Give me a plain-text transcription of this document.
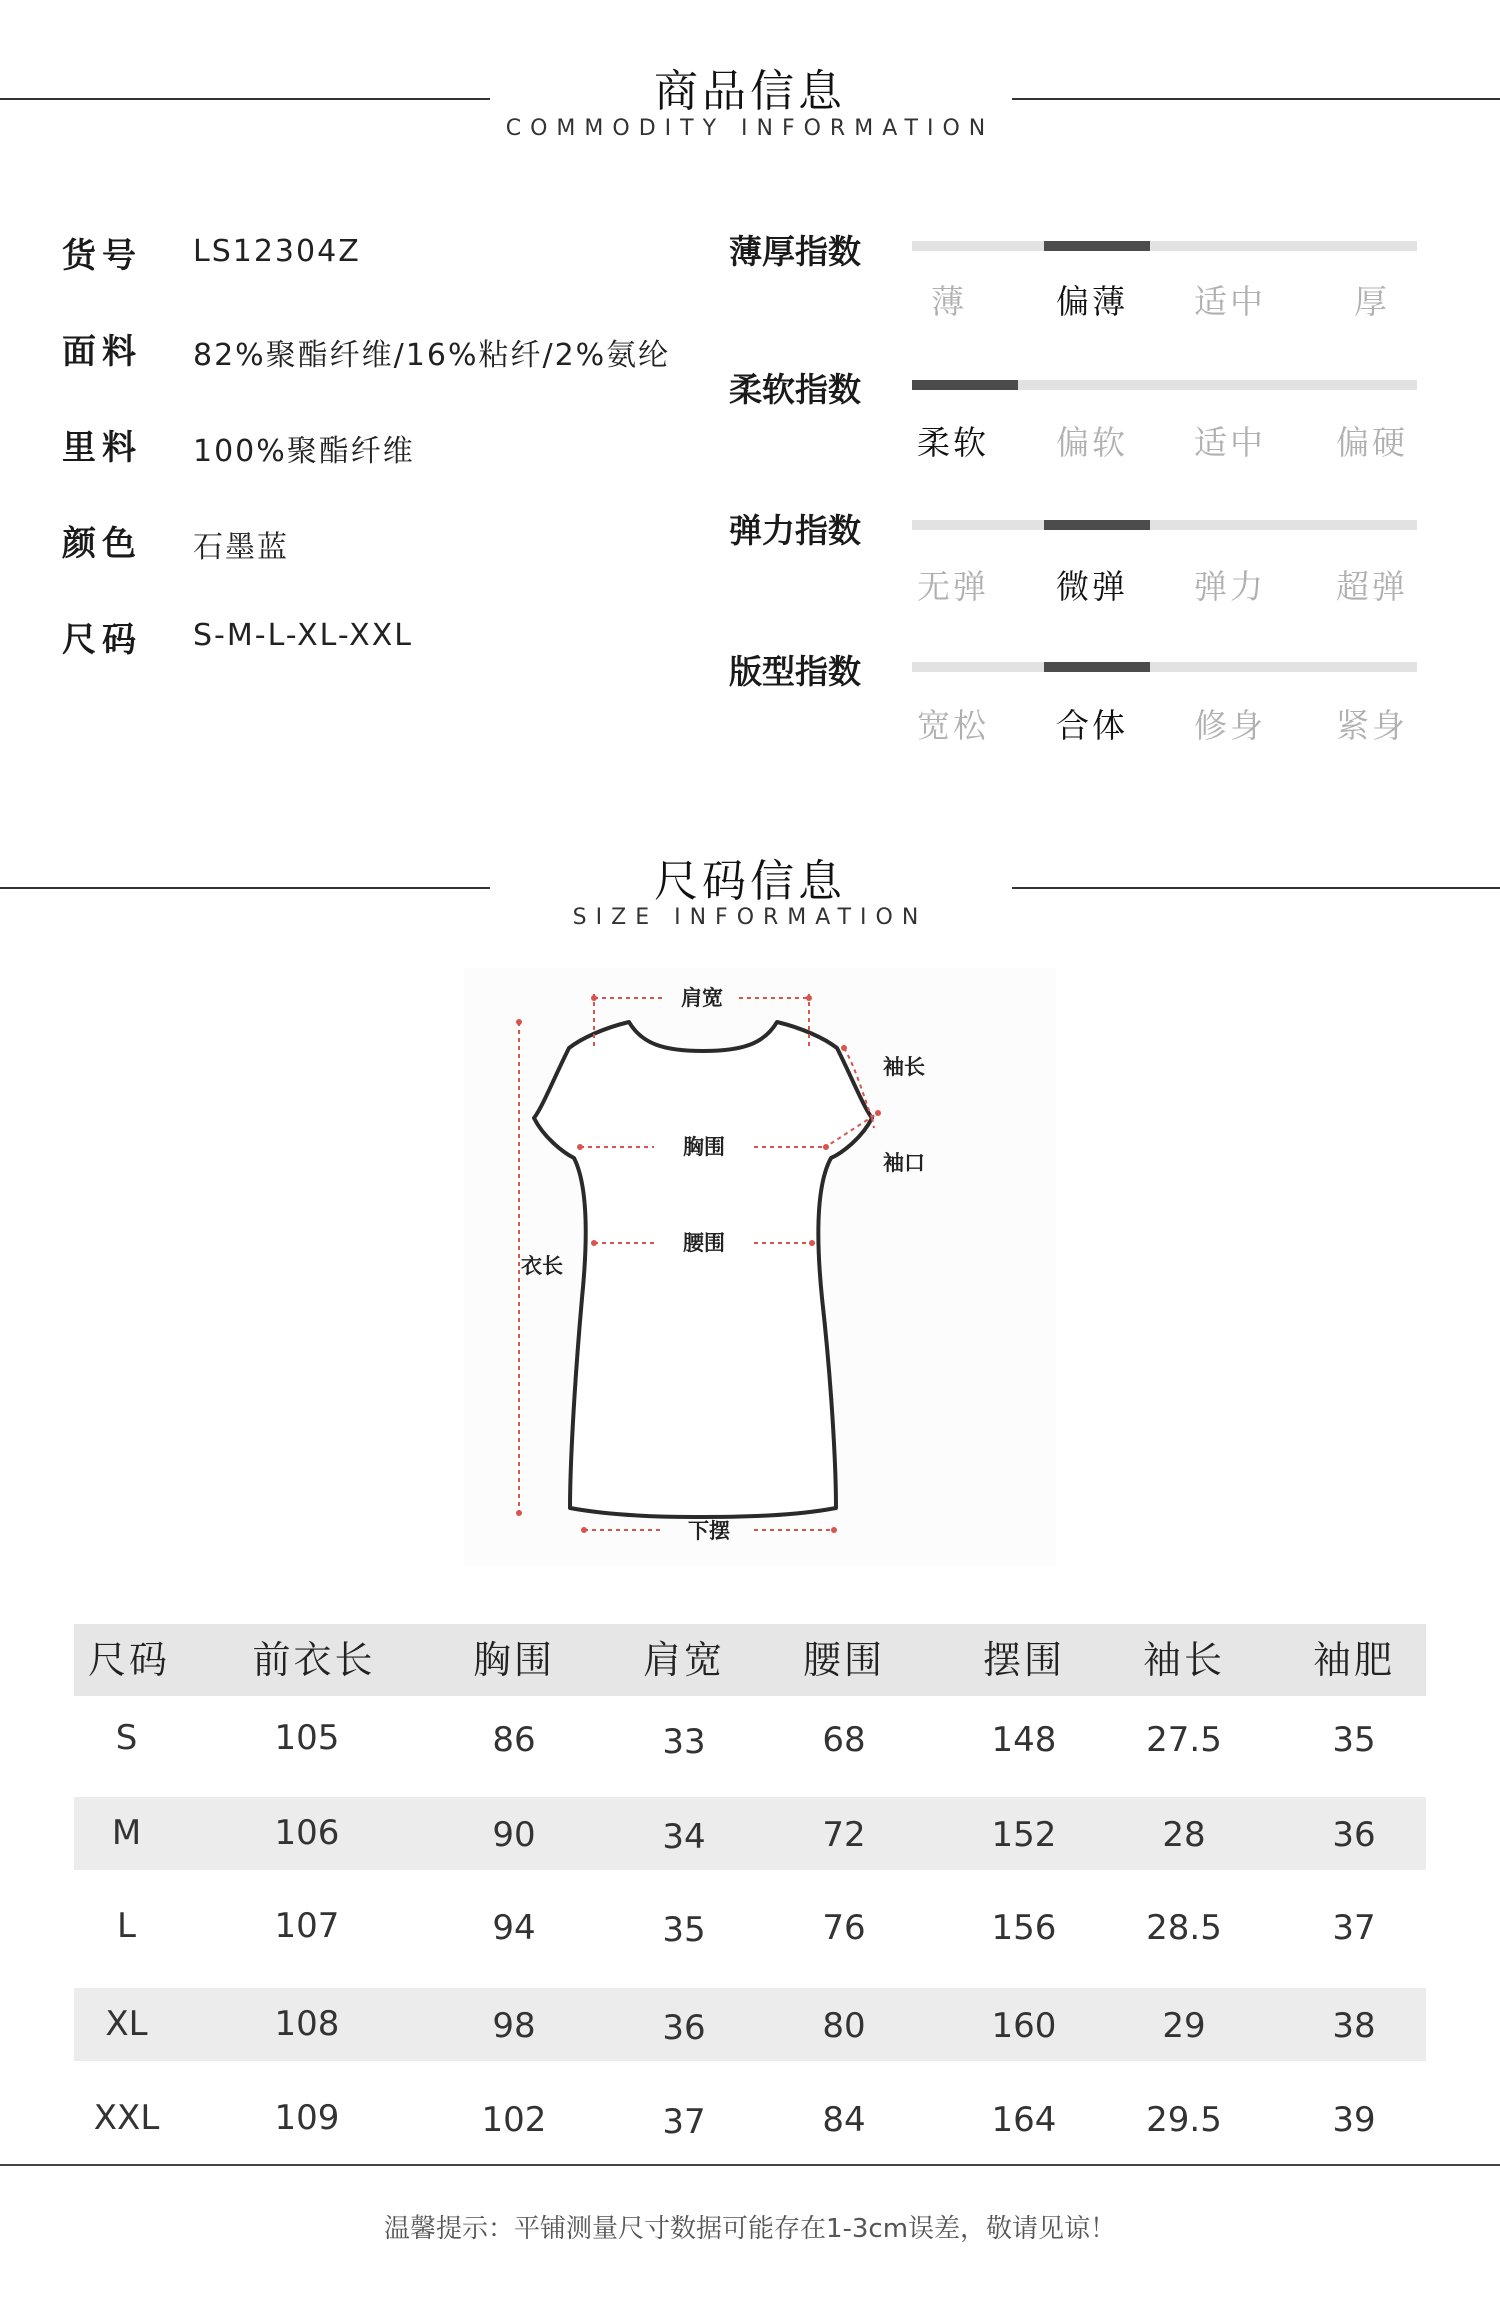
商品信息
COMMODITY INFORMATION
货号 LS12304Z
面料 82%聚酯纤维/16%粘纤/2%氨纶
里料 100%聚酯纤维
颜色 石墨蓝
尺码 S-M-L-XL-XXL
薄厚指数
薄	偏薄	适中	厚
柔软指数
柔软	偏软	适中	偏硬
弹力指数
无弹	微弹	弹力	超弹
版型指数
宽松	合体	修身	紧身
尺码信息
SIZE INFORMATION
肩宽
袖长
袖口
胸围
腰围
衣长
下摆
尺码	前衣长	胸围	肩宽	腰围	摆围	袖长	袖肥
S	105	86	33	68	148	27.5	35
M	106	90	34	72	152	28	36
L	107	94	35	76	156	28.5	37
XL	108	98	36	80	160	29	38
XXL	109	102	37	84	164	29.5	39
温馨提示：平铺测量尺寸数据可能存在1-3cm误差，敬请见谅！
